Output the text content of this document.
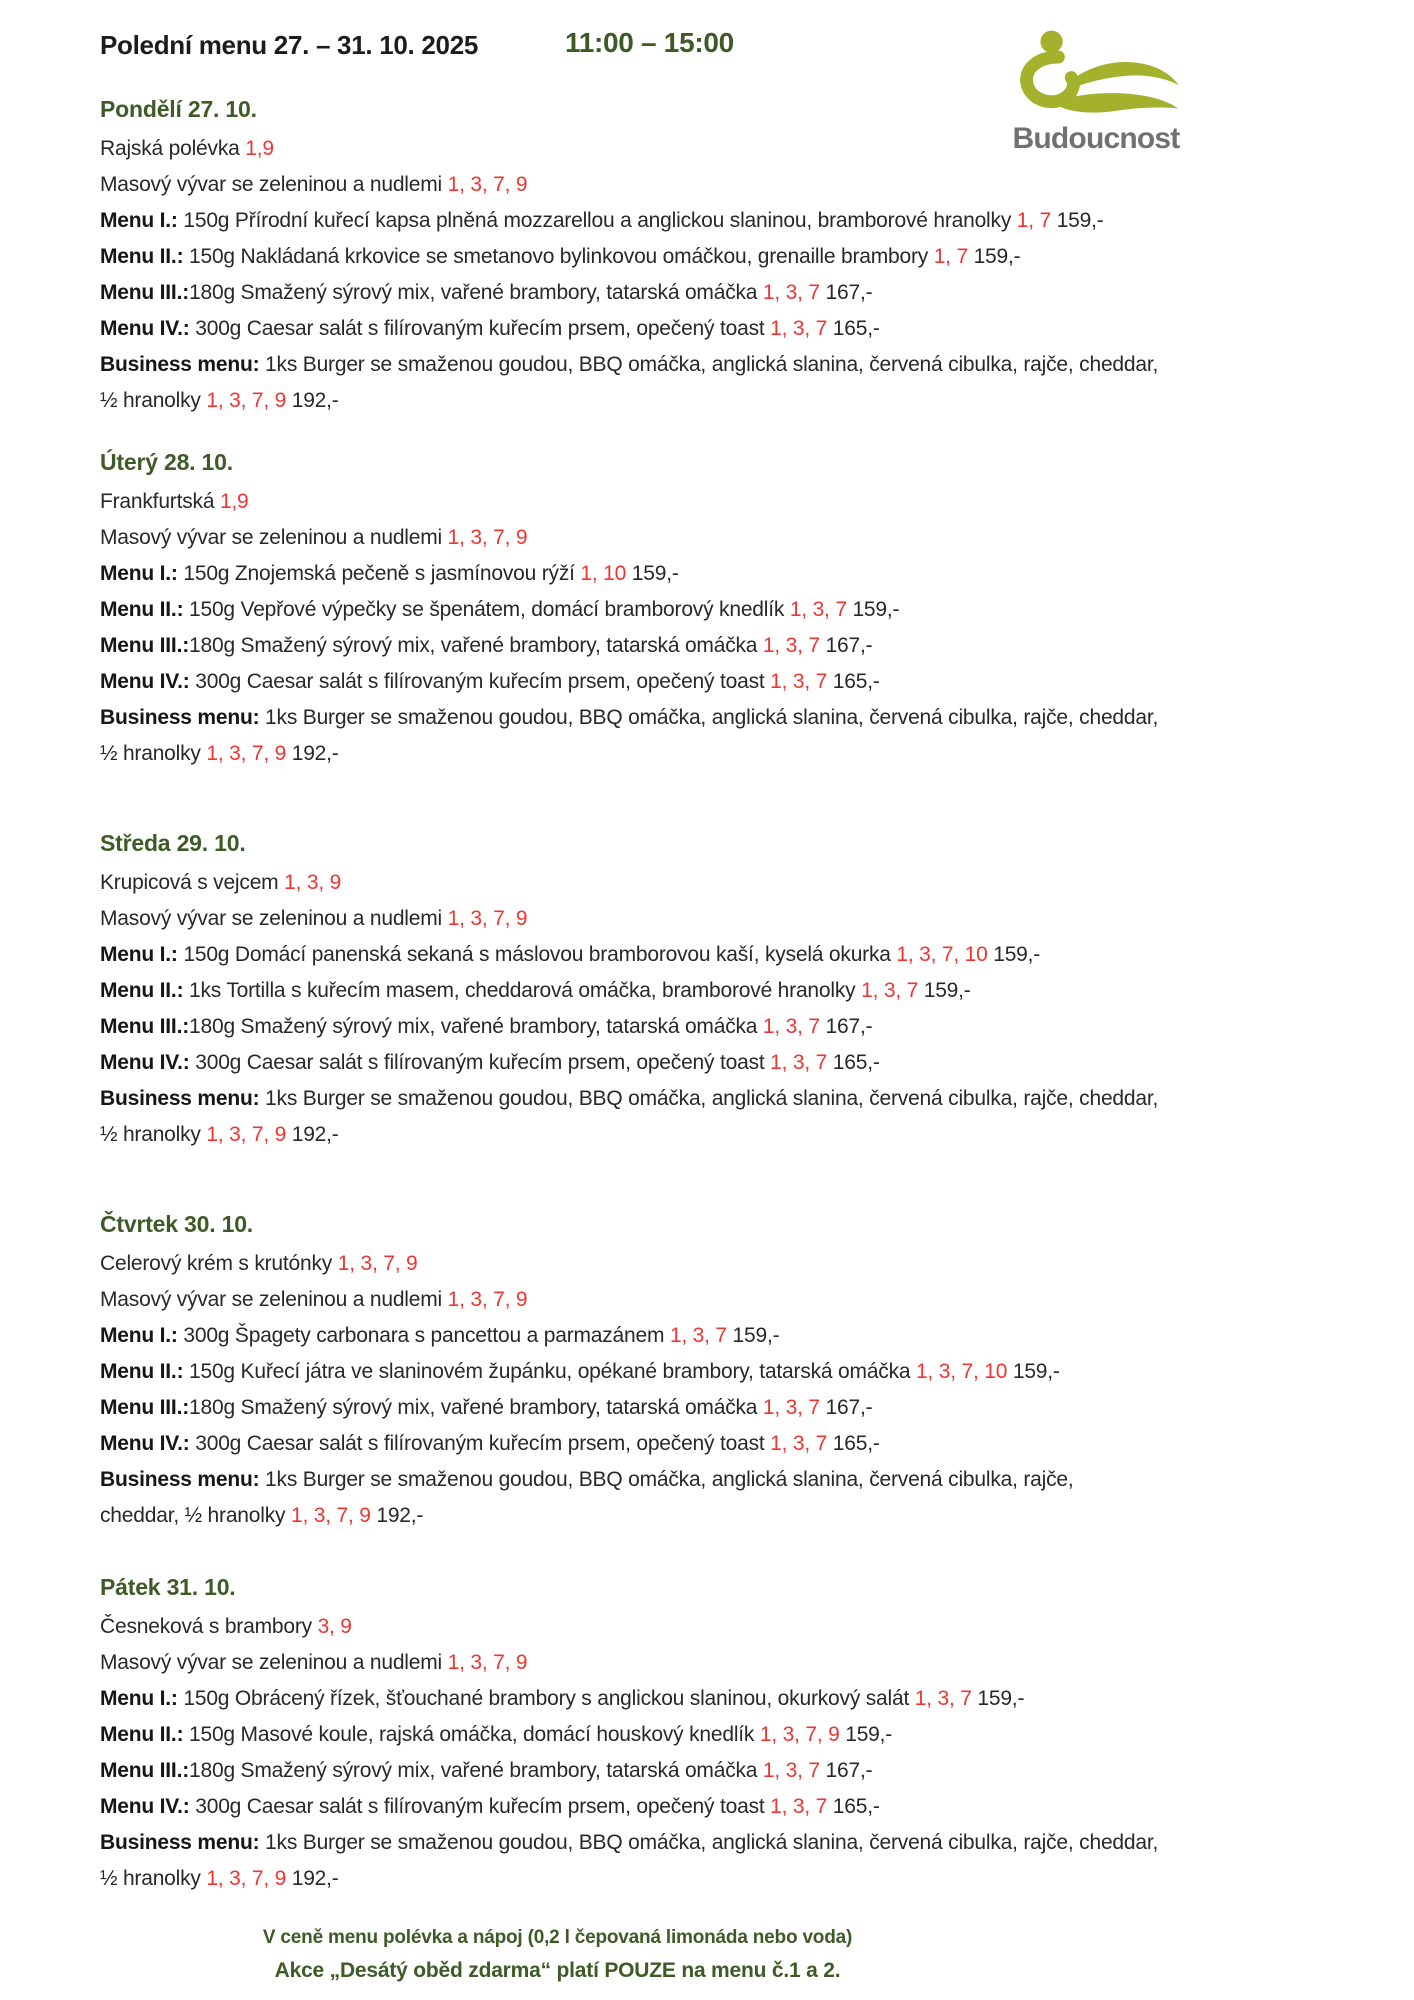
Polední menu 27. – 31. 10. 2025	11:00 – 15:00
Budoucnost
Pondělí 27. 10.
Rajská polévka 1,9
Masový vývar se zeleninou a nudlemi 1, 3, 7, 9
Menu I.: 150g Přírodní kuřecí kapsa plněná mozzarellou a anglickou slaninou, bramborové hranolky 1, 7 159,-
Menu II.: 150g Nakládaná krkovice se smetanovo bylinkovou omáčkou, grenaille brambory 1, 7 159,-
Menu III.:180g Smažený sýrový mix, vařené brambory, tatarská omáčka 1, 3, 7 167,-
Menu IV.: 300g Caesar salát s filírovaným kuřecím prsem, opečený toast 1, 3, 7 165,-
Business menu: 1ks Burger se smaženou goudou, BBQ omáčka, anglická slanina, červená cibulka, rajče, cheddar,
½ hranolky 1, 3, 7, 9 192,-
Úterý 28. 10.
Frankfurtská 1,9
Masový vývar se zeleninou a nudlemi 1, 3, 7, 9
Menu I.: 150g Znojemská pečeně s jasmínovou rýží 1, 10 159,-
Menu II.: 150g Vepřové výpečky se špenátem, domácí bramborový knedlík 1, 3, 7 159,-
Menu III.:180g Smažený sýrový mix, vařené brambory, tatarská omáčka 1, 3, 7 167,-
Menu IV.: 300g Caesar salát s filírovaným kuřecím prsem, opečený toast 1, 3, 7 165,-
Business menu: 1ks Burger se smaženou goudou, BBQ omáčka, anglická slanina, červená cibulka, rajče, cheddar,
½ hranolky 1, 3, 7, 9 192,-
Středa 29. 10.
Krupicová s vejcem 1, 3, 9
Masový vývar se zeleninou a nudlemi 1, 3, 7, 9
Menu I.: 150g Domácí panenská sekaná s máslovou bramborovou kaší, kyselá okurka 1, 3, 7, 10 159,-
Menu II.: 1ks Tortilla s kuřecím masem, cheddarová omáčka, bramborové hranolky 1, 3, 7 159,-
Menu III.:180g Smažený sýrový mix, vařené brambory, tatarská omáčka 1, 3, 7 167,-
Menu IV.: 300g Caesar salát s filírovaným kuřecím prsem, opečený toast 1, 3, 7 165,-
Business menu: 1ks Burger se smaženou goudou, BBQ omáčka, anglická slanina, červená cibulka, rajče, cheddar,
½ hranolky 1, 3, 7, 9 192,-
Čtvrtek 30. 10.
Celerový krém s krutónky 1, 3, 7, 9
Masový vývar se zeleninou a nudlemi 1, 3, 7, 9
Menu I.: 300g Špagety carbonara s pancettou a parmazánem 1, 3, 7 159,-
Menu II.: 150g Kuřecí játra ve slaninovém župánku, opékané brambory, tatarská omáčka 1, 3, 7, 10 159,-
Menu III.:180g Smažený sýrový mix, vařené brambory, tatarská omáčka 1, 3, 7 167,-
Menu IV.: 300g Caesar salát s filírovaným kuřecím prsem, opečený toast 1, 3, 7 165,-
Business menu: 1ks Burger se smaženou goudou, BBQ omáčka, anglická slanina, červená cibulka, rajče,
cheddar, ½ hranolky 1, 3, 7, 9 192,-
Pátek 31. 10.
Česneková s brambory 3, 9
Masový vývar se zeleninou a nudlemi 1, 3, 7, 9
Menu I.: 150g Obrácený řízek, šťouchané brambory s anglickou slaninou, okurkový salát 1, 3, 7 159,-
Menu II.: 150g Masové koule, rajská omáčka, domácí houskový knedlík 1, 3, 7, 9 159,-
Menu III.:180g Smažený sýrový mix, vařené brambory, tatarská omáčka 1, 3, 7 167,-
Menu IV.: 300g Caesar salát s filírovaným kuřecím prsem, opečený toast 1, 3, 7 165,-
Business menu: 1ks Burger se smaženou goudou, BBQ omáčka, anglická slanina, červená cibulka, rajče, cheddar,
½ hranolky 1, 3, 7, 9 192,-
V ceně menu polévka a nápoj (0,2 l čepovaná limonáda nebo voda)
Akce „Desátý oběd zdarma“ platí POUZE na menu č.1 a 2.
